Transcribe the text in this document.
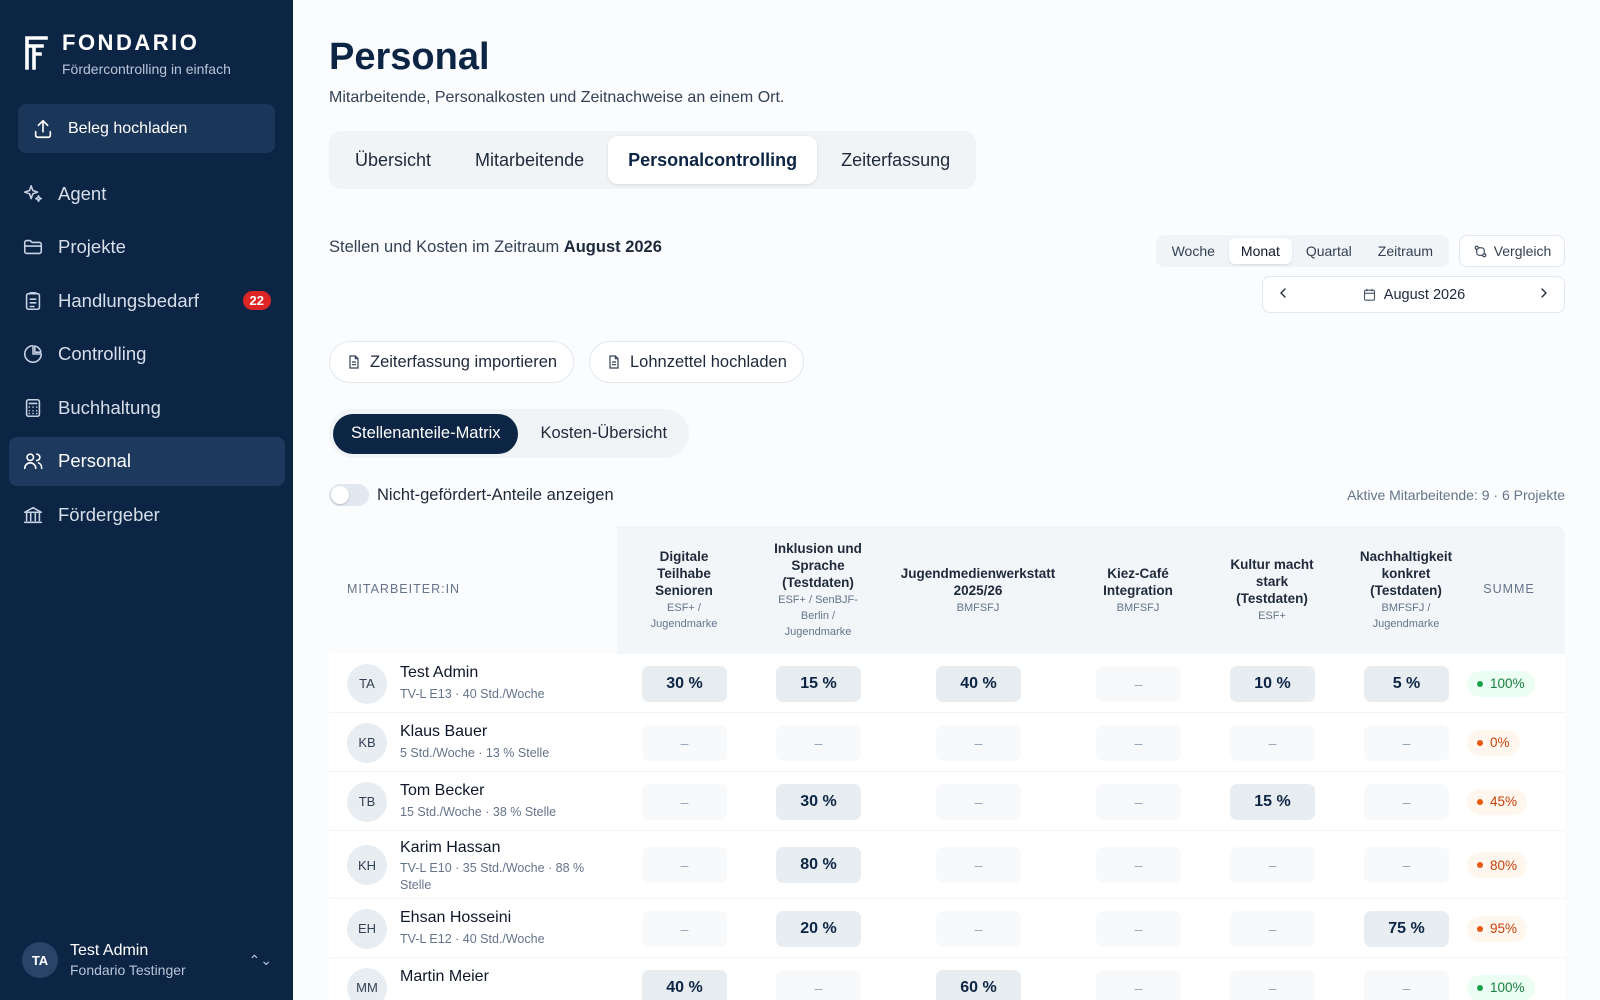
FONDARIO
Fördercontrolling in einfach
Beleg hochladen
Agent
Projekte
Handlungsbedarf	22
Controlling
Buchhaltung
Personal
Fördergeber
TA
Test Admin
Fondario Testinger
⌃⌄
Personal

Mitarbeitende, Personalkosten und Zeitnachweise an einem Ort.

Übersicht	Mitarbeitende	Personalcontrolling	Zeiterfassung
Stellen und Kosten im Zeitraum August 2026	Woche	Monat	Quartal	Zeitraum	Vergleich
August 2026
Zeiterfassung importieren	Lohnzettel hochladen
Stellenanteile-Matrix	Kosten-Übersicht
Nicht-gefördert-Anteile anzeigen	Aktive Mitarbeitende: 9 · 6 Projekte
MITARBEITER:IN
Digitale
Teilhabe
Senioren
ESF+ /
Jugendmarke
Inklusion und
Sprache
(Testdaten)
ESF+ / SenBJF-
Berlin /
Jugendmarke
Jugendmedienwerkstatt
2025/26
BMFSFJ
Kiez-Café
Integration
BMFSFJ
Kultur macht
stark
(Testdaten)
ESF+
Nachhaltigkeit
konkret
(Testdaten)
BMFSFJ /
Jugendmarke
SUMME
TA
Test Admin
TV-L E13 · 40 Std./Woche
30 %	15 %	40 %	–	10 %	5 %	100%
KB
Klaus Bauer
5 Std./Woche · 13 % Stelle
–	–	–	–	–	–	0%
TB
Tom Becker
15 Std./Woche · 38 % Stelle
–	30 %	–	–	15 %	–	45%
KH
Karim Hassan
TV-L E10 · 35 Std./Woche · 88 % Stelle
–	80 %	–	–	–	–	80%
EH
Ehsan Hosseini
TV-L E12 · 40 Std./Woche
–	20 %	–	–	–	75 %	95%
MM
Martin Meier
40 %	–	60 %	–	–	–	100%
